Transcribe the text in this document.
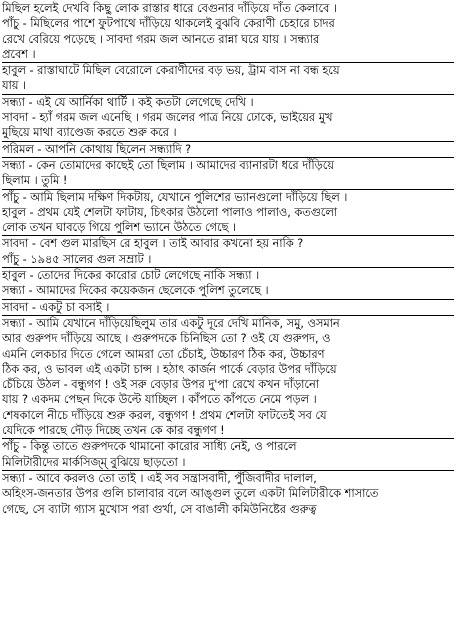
মিছিল হলেই দেখবি কিছু লোক রাস্তার ধারে বেগুনার দাঁড়িয়ে দাঁত কেলাবে ।
পাঁচু - মিছিলের পাশে ফুটপাথে দাঁড়িয়ে থাকলেই বুঝবি কেরাণী চেহারে চাদর
রেখে বেরিয়ে পড়েছে । সাবদা গরম জল আনতে রান্না ঘরে যায় । সন্ধ্যার
প্রবেশ ।
হাবুল - রাস্তাঘাটে মিছিল বেরোলে কেরাণীদের বড় ভয়, ট্রাম বাস না বন্ধ হয়ে
যায় ।
সন্ধ্যা - এই যে আর্নিকা থার্টি । কই কতটা লেগেছে দেখি ।
সাবদা - হ্যাঁ গরম জল এনেছি । গরম জলের পাত্র নিয়ে ঢোকে, ভাইয়ের মুখ
মুছিয়ে মাথা ব্যাণ্ডেজ করতে শুরু করে ।
পরিমল - আপনি কোথায় ছিলেন সন্ধ্যাদি ?
সন্ধ্যা - কেন তোমাদের কাছেই তো ছিলাম । আমাদের ব্যানারটা ধরে দাঁড়িয়ে
ছিলাম । তুমি !
পাঁচু - আমি ছিলাম দক্ষিণ দিকটায়, যেখানে পুলিশের ভ্যানগুলো দাঁড়িয়ে ছিল ।
হাবুল - প্রথম যেই শেলটা ফাটায, চিৎকার উঠলো পালাও পালাও, কতগুলো
লোক তখন ঘাবড়ে গিয়ে পুলিশ ভ্যানে উঠতে গেছে ।
সাবদা - বেশ গুল মারছিস রে হাবুল । তাই আবার কখনো হয় নাকি ?
পাঁচু - ১৯৪৫ সালের গুল সম্রাট ।
হাবুল - তোদের দিকের কারোর চোট লেগেছে নাকি সন্ধ্যা ।
সন্ধ্যা - আমাদের দিকের কয়েকজন ছেলেকে পুলিশ তুলেছে ।
সাবদা - একটু চা বসাই ।
সন্ধ্যা - আমি যেখানে দাঁড়িয়েছিলুম তার একটু দূরে দেখি মানিক, সমু, ওসমান
আর গুরুপদ দাঁড়িয়ে আছে । গুরুপদকে চিনিছিস তো ? ওই যে গুরুপদ, ও
এমনি লেকচার দিতে গেলে আমরা তো চেঁচাই, উচ্চারণ ঠিক কর, উচ্চারণ
ঠিক কর, ও ভাবল এই একটা চান্স । হঠাৎ কার্জন পার্কে বেড়ার উপর দাঁড়িয়ে
চেঁচিয়ে উঠল - বন্ধুগণ ! ওই সরু বেড়ার উপর দু'পা রেখে কখন দাঁড়ানো
যায় ? একদম পেছন দিকে উল্টে যাচ্ছিল । কাঁপতে কাঁপতে নেমে পড়ল ।
শেষকালে নীচে দাঁড়িয়ে শুরু করল, বন্ধুগণ ! প্রথম শেলটা ফাটতেই সব যে
যেদিকে পারছে দৌড় দিচ্ছে তখন কে কার বন্ধুগণ !
পাঁচু - কিন্তু তাতে গুরুপদকে থামানো কারোর সাধ্যি নেই, ও পারলে
মিলিটারীদের মার্কসিজ্‌ম্‌ বুঝিয়ে ছাড়তো ।
সন্ধ্যা - আবে করলও তো তাই । এই সব সন্ত্রাসবাদী, পুঁজিবাদীর দালাল,
অহিংস-জনতার উপর গুলি চালাবার বলে আঙ্গুল তুলে একটা মিলিটারীকে শাসাতে
গেছে, সে ব্যাটা গ্যাস মুখোস পরা গুর্খা, সে বাঙালী কমিউনিষ্টের গুরুত্ব
